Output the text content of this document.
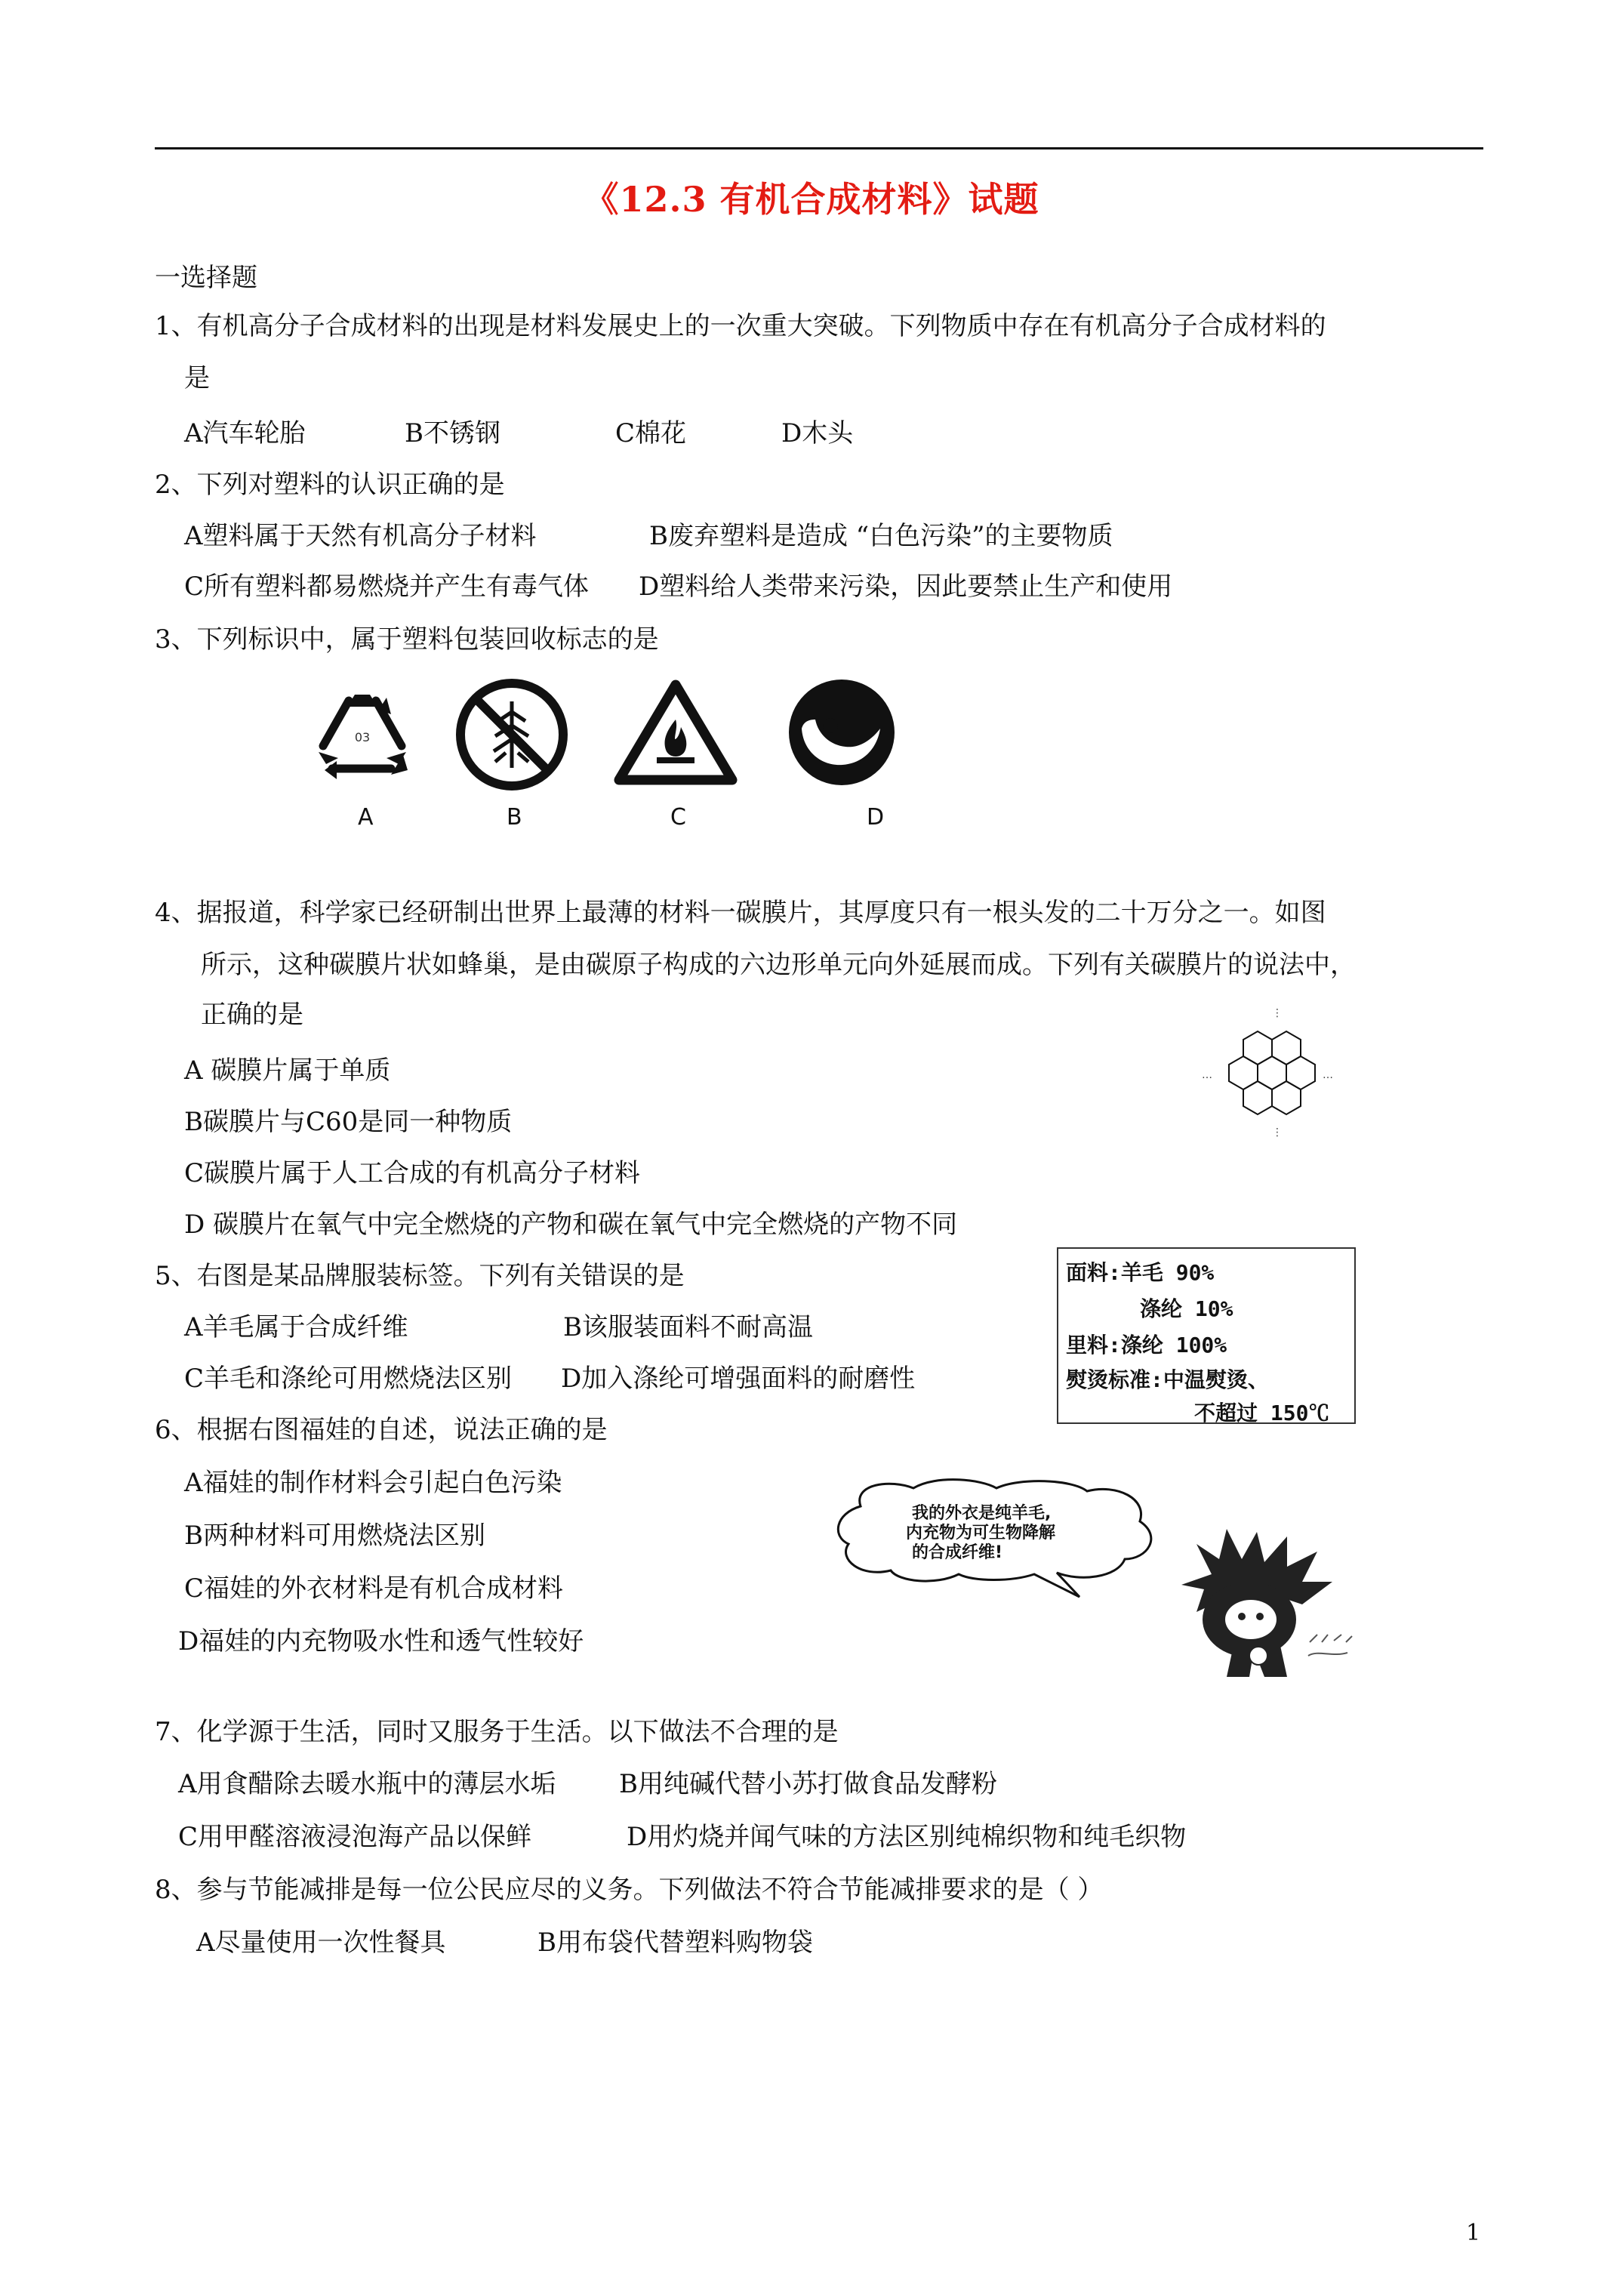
《12.3 有机合成材料》试题
一选择题
1、有机高分子合成材料的出现是材料发展史上的一次重大突破。下列物质中存在有机高分子合成材料的
是
A汽车轮胎	B不锈钢	C棉花	D木头
2、下列对塑料的认识正确的是
A塑料属于天然有机高分子材料	B废弃塑料是造成 “白色污染”的主要物质
C所有塑料都易燃烧并产生有毒气体 D塑料给人类带来污染，因此要禁止生产和使用
3、下列标识中，属于塑料包装回收标志的是
03
A	B	C	D
4、据报道，科学家已经研制出世界上最薄的材料一碳膜片，其厚度只有一根头发的二十万分之一。如图
所示，这种碳膜片状如蜂巢，是由碳原子构成的六边形单元向外延展而成。下列有关碳膜片的说法中，
正确的是
A 碳膜片属于单质
B碳膜片与C60是同一种物质
C碳膜片属于人工合成的有机高分子材料
D 碳膜片在氧气中完全燃烧的产物和碳在氧气中完全燃烧的产物不同
⋮
⋮
…	…
5、右图是某品牌服装标签。下列有关错误的是
A羊毛属于合成纤维	B该服装面料不耐高温
C羊毛和涤纶可用燃烧法区别 D加入涤纶可增强面料的耐磨性
面料:羊毛 90%
涤纶 10%
里料:涤纶 100%
熨烫标准:中温熨烫、
不超过 150℃
6、根据右图福娃的自述，说法正确的是
A福娃的制作材料会引起白色污染
B两种材料可用燃烧法区别
C福娃的外衣材料是有机合成材料
D福娃的内充物吸水性和透气性较好
我的外衣是纯羊毛,
内充物为可生物降解
的合成纤维!
7、化学源于生活，同时又服务于生活。以下做法不合理的是
A用食醋除去暖水瓶中的薄层水垢 B用纯碱代替小苏打做食品发酵粉
C用甲醛溶液浸泡海产品以保鲜	D用灼烧并闻气味的方法区别纯棉织物和纯毛织物
8、参与节能减排是每一位公民应尽的义务。下列做法不符合节能减排要求的是（ ）
A尽量使用一次性餐具	B用布袋代替塑料购物袋
1
